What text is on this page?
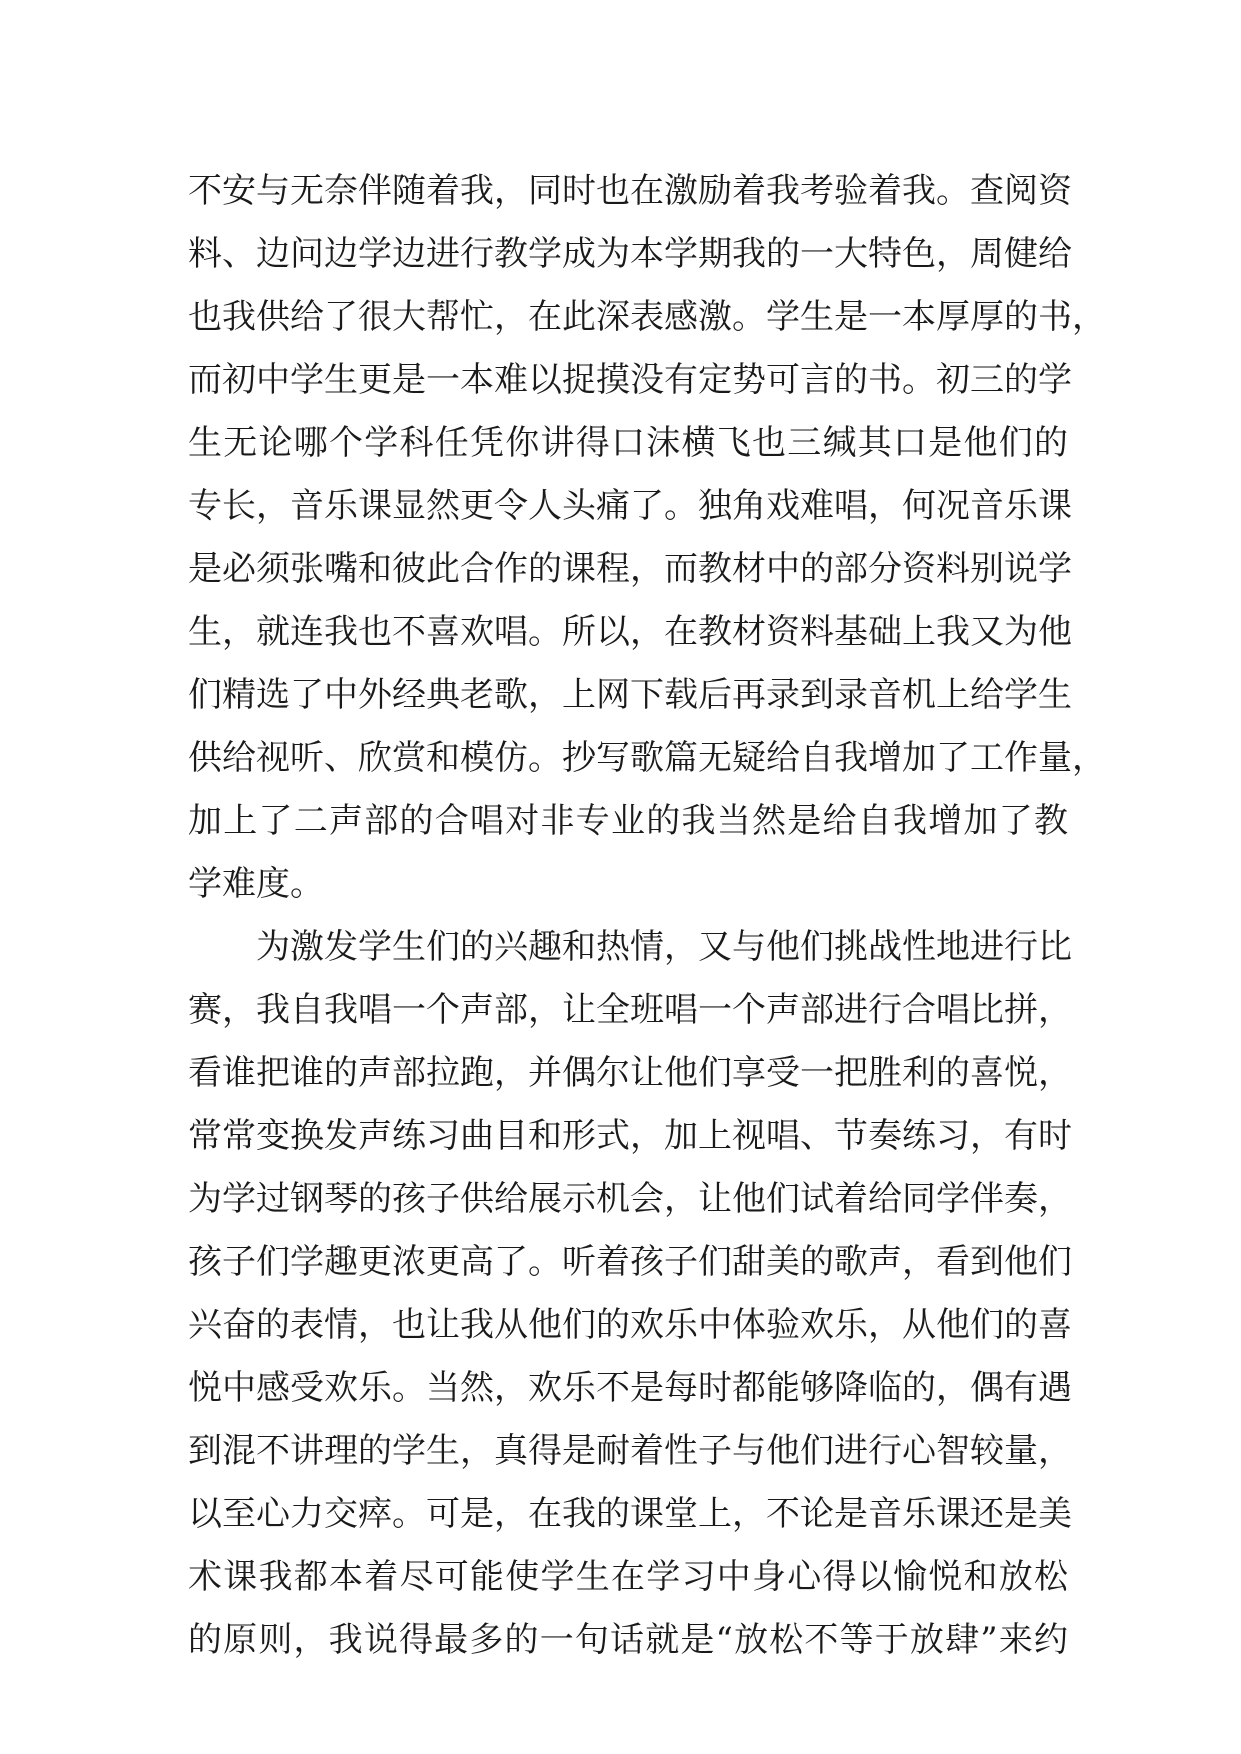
不安与无奈伴随着我，同时也在激励着我考验着我。查阅资
料、边问边学边进行教学成为本学期我的一大特色，周健给
也我供给了很大帮忙，在此深表感激。学生是一本厚厚的书，
而初中学生更是一本难以捉摸没有定势可言的书。初三的学
生无论哪个学科任凭你讲得口沫横飞也三缄其口是他们的
专长，音乐课显然更令人头痛了。独角戏难唱，何况音乐课
是必须张嘴和彼此合作的课程，而教材中的部分资料别说学
生，就连我也不喜欢唱。所以，在教材资料基础上我又为他
们精选了中外经典老歌，上网下载后再录到录音机上给学生
供给视听、欣赏和模仿。抄写歌篇无疑给自我增加了工作量，
加上了二声部的合唱对非专业的我当然是给自我增加了教
学难度。
为激发学生们的兴趣和热情，又与他们挑战性地进行比
赛，我自我唱一个声部，让全班唱一个声部进行合唱比拼，
看谁把谁的声部拉跑，并偶尔让他们享受一把胜利的喜悦，
常常变换发声练习曲目和形式，加上视唱、节奏练习，有时
为学过钢琴的孩子供给展示机会，让他们试着给同学伴奏，
孩子们学趣更浓更高了。听着孩子们甜美的歌声，看到他们
兴奋的表情，也让我从他们的欢乐中体验欢乐，从他们的喜
悦中感受欢乐。当然，欢乐不是每时都能够降临的，偶有遇
到混不讲理的学生，真得是耐着性子与他们进行心智较量，
以至心力交瘁。可是，在我的课堂上，不论是音乐课还是美
术课我都本着尽可能使学生在学习中身心得以愉悦和放松
的原则，我说得最多的一句话就是“放松不等于放肆”来约
